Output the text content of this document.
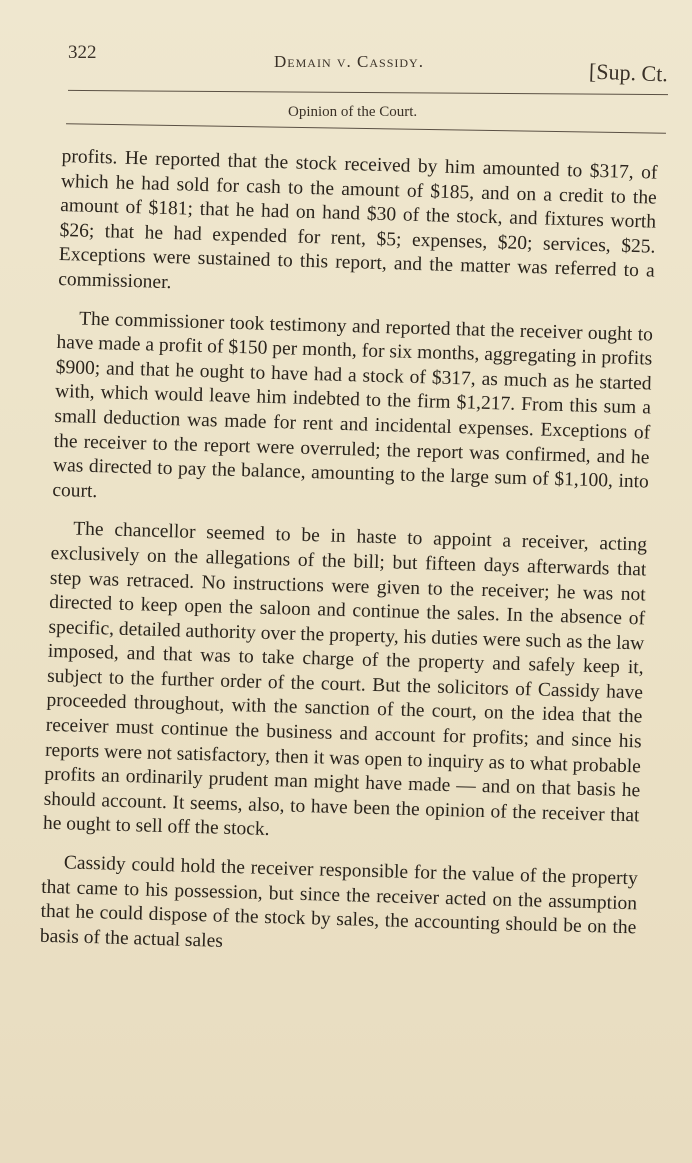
322	Demain v. Cassidy.	[Sup. Ct.
Opinion of the Court.

profits. He reported that the stock received by him amounted to $317, of which he had sold for cash to the amount of $185, and on a credit to the amount of $181; that he had on hand $30 of the stock, and fixtures worth $26; that he had expended for rent, $5; expenses, $20; services, $25. Exceptions were sustained to this report, and the matter was referred to a commissioner.

The commissioner took testimony and reported that the receiver ought to have made a profit of $150 per month, for six months, aggregating in profits $900; and that he ought to have had a stock of $317, as much as he started with, which would leave him indebted to the firm $1,217. From this sum a small deduction was made for rent and incidental expenses. Exceptions of the receiver to the report were overruled; the report was confirmed, and he was directed to pay the balance, amounting to the large sum of $1,100, into court.

The chancellor seemed to be in haste to appoint a receiver, acting exclusively on the allegations of the bill; but fifteen days afterwards that step was retraced. No instructions were given to the receiver; he was not directed to keep open the saloon and continue the sales. In the absence of specific, detailed authority over the property, his duties were such as the law imposed, and that was to take charge of the property and safely keep it, subject to the further order of the court. But the solicitors of Cassidy have proceeded throughout, with the sanction of the court, on the idea that the receiver must continue the business and account for profits; and since his reports were not satisfactory, then it was open to inquiry as to what probable profits an ordinarily prudent man might have made — and on that basis he should account. It seems, also, to have been the opinion of the receiver that he ought to sell off the stock.

Cassidy could hold the receiver responsible for the value of the property that came to his possession, but since the receiver acted on the assumption that he could dispose of the stock by sales, the accounting should be on the basis of the actual sales
